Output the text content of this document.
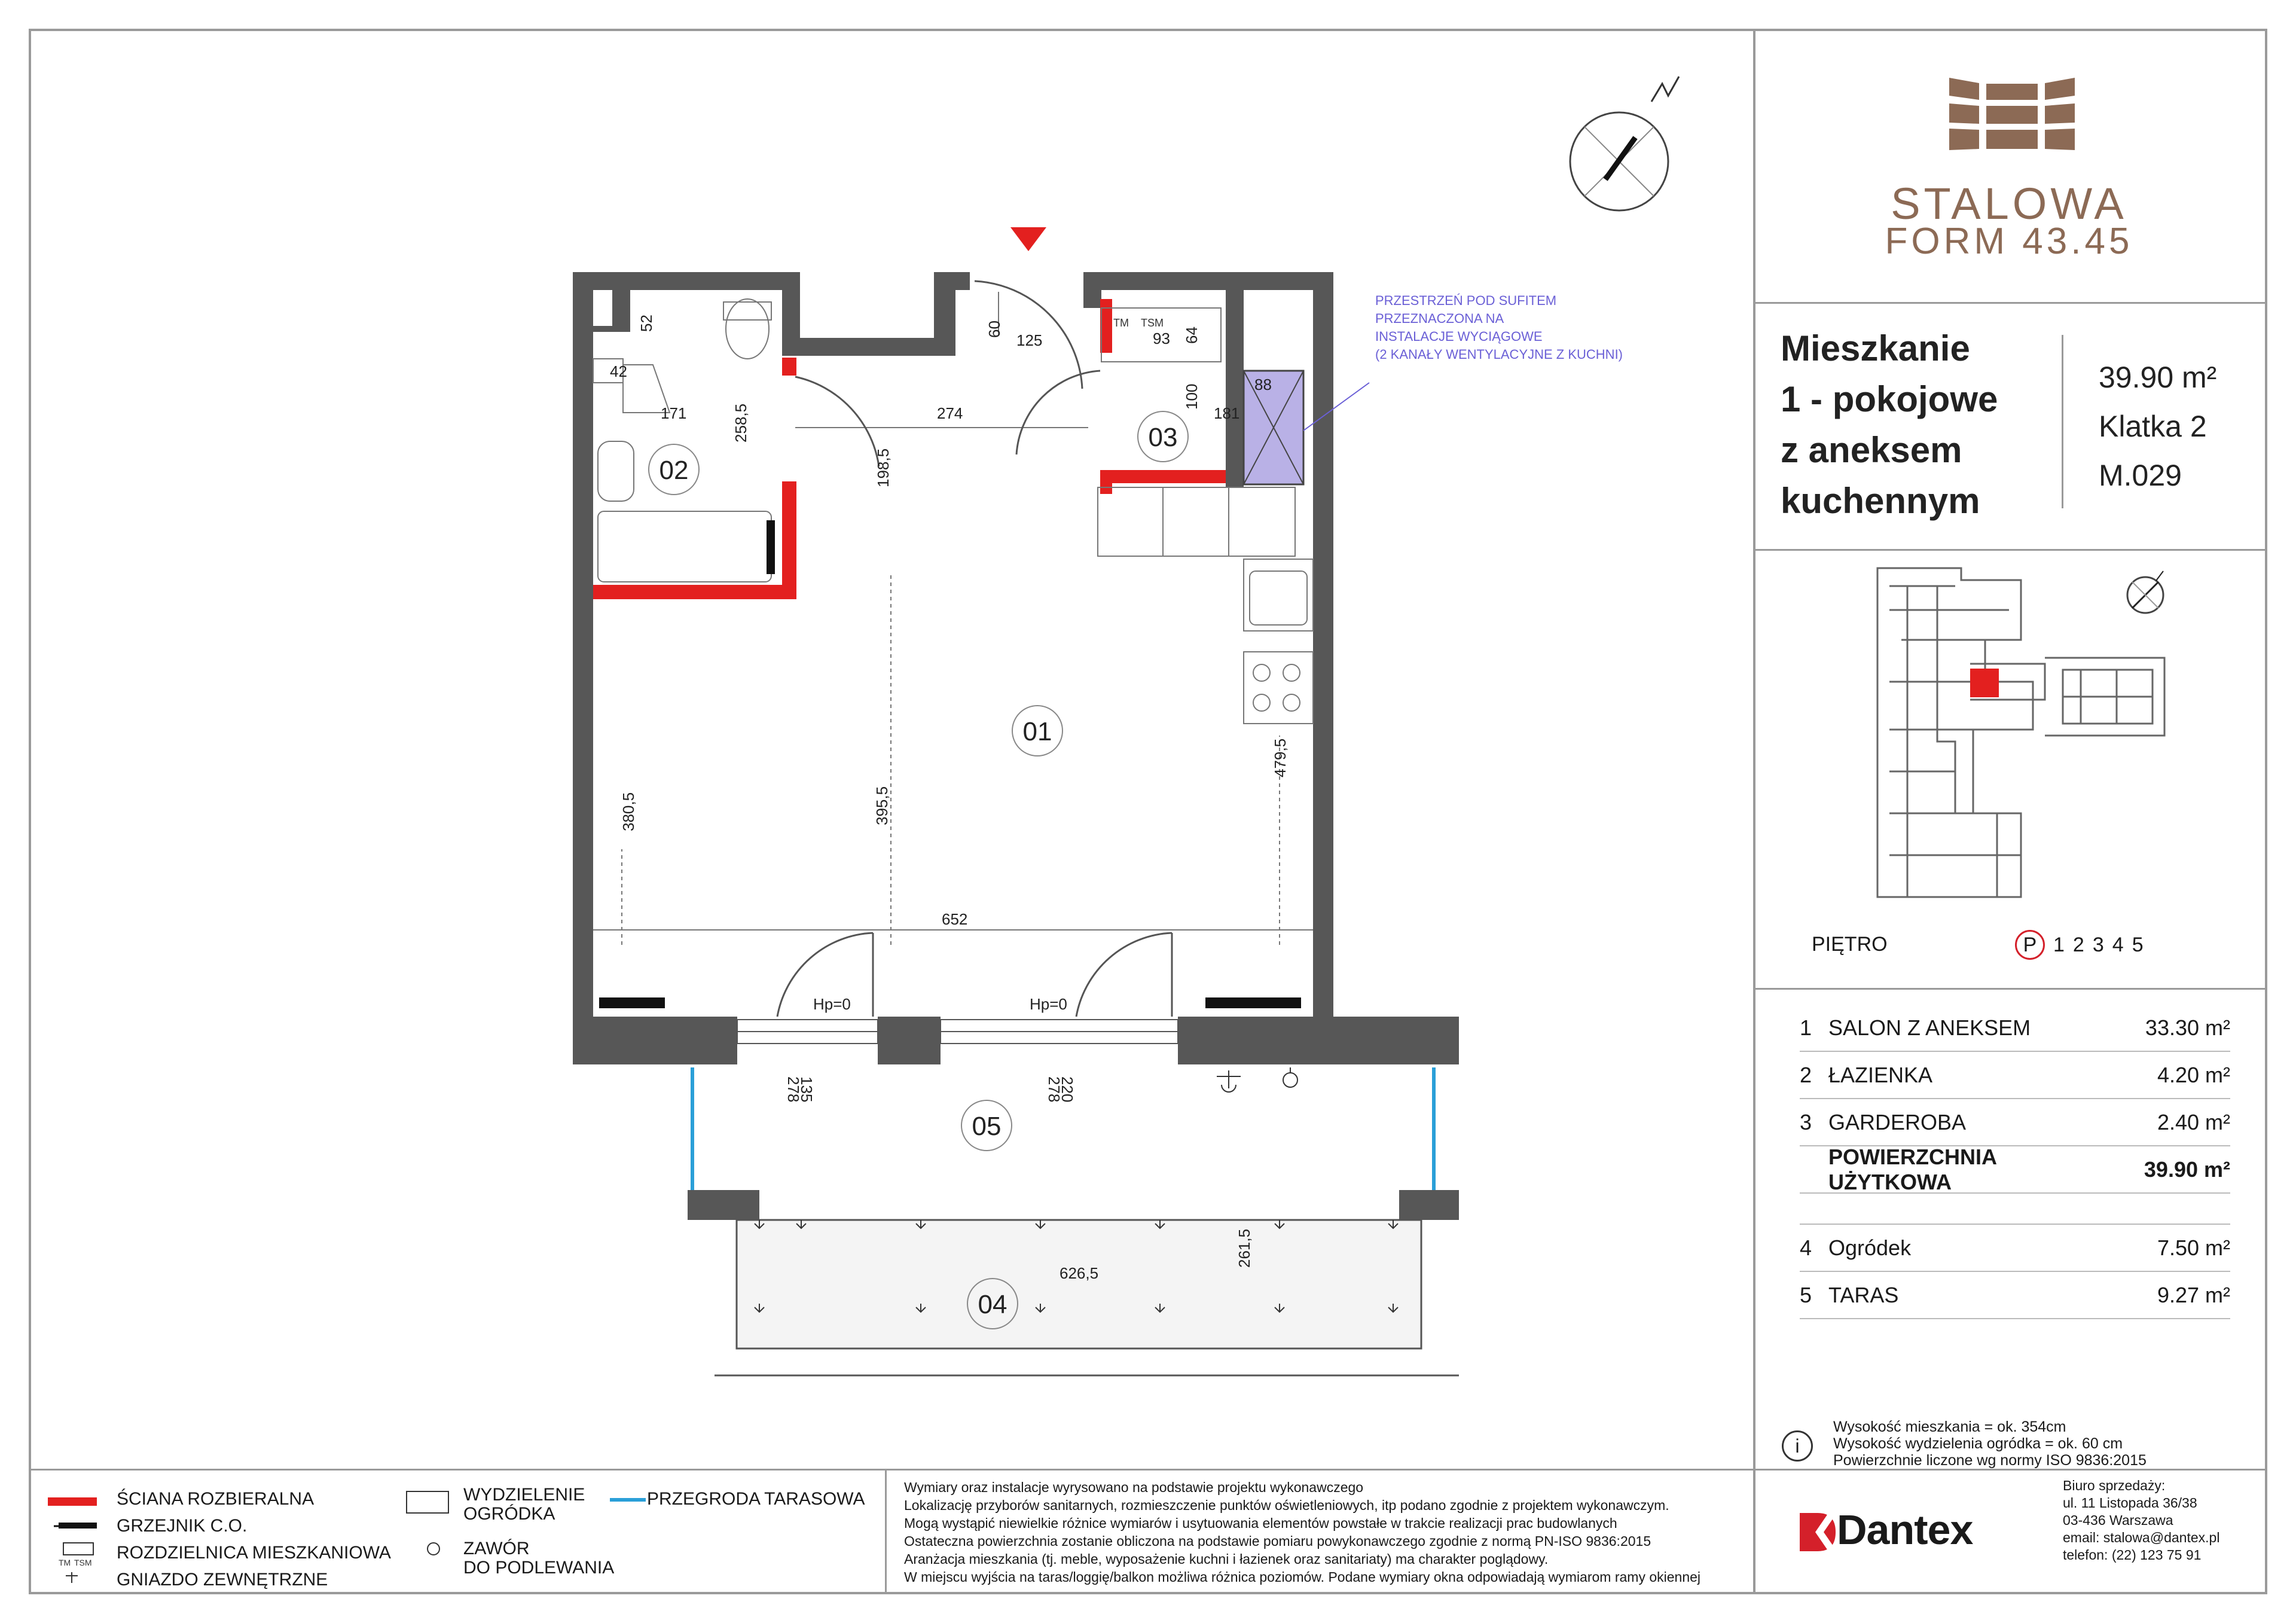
STALOWA
FORM 43.45
Mieszkanie
1 - pokojowe
z aneksem
kuchennym
39.90 m²
Klatka 2
M.029
PIĘTRO	P 1 2 3 4 5
1 SALON Z ANEKSEM	33.30 m²
2 ŁAZIENKA	4.20 m²
3 GARDEROBA	2.40 m²
POWIERZCHNIA UŻYTKOWA
39.90 m²
4 Ogródek	7.50 m²
5 TARAS	9.27 m²
i
Wysokość mieszkania = ok. 354cm
Wysokość wydzielenia ogródka = ok. 60 cm
Powierzchnie liczone wg normy ISO 9836:2015
PRZESTRZEŃ POD SUFITEM
PRZEZNACZONA NA
INSTALACJE WYCIĄGOWE
(2 KANAŁY WENTYLACYJNE Z KUCHNI)
01
02
03
04
05
52
42
171	258,5
60
125
274
198,5
93 64
100
181
88
380,5	395,5
479,5
652
Hp=0	Hp=0
135
278	220
278
261,5
626,5
TM TSM
TM TSM
ŚCIANA ROZBIERALNA
GRZEJNIK C.O.
ROZDZIELNICA MIESZKANIOWA
GNIAZDO ZEWNĘTRZNE
WYDZIELENIE
OGRÓDKA
ZAWÓR
DO PODLEWANIA
PRZEGRODA TARASOWA
Wymiary oraz instalacje wyrysowano na podstawie projektu wykonawczego
Lokalizację przyborów sanitarnych, rozmieszczenie punktów oświetleniowych, itp podano zgodnie z projektem wykonawczym.
Mogą wystąpić niewielkie różnice wymiarów i usytuowania elementów powstałe w trakcie realizacji prac budowlanych
Ostateczna powierzchnia zostanie obliczona na podstawie pomiaru powykonawczego zgodnie z normą PN-ISO 9836:2015
Aranżacja mieszkania (tj. meble, wyposażenie kuchni i łazienek oraz sanitariaty) ma charakter poglądowy.
W miejscu wyjścia na taras/loggię/balkon możliwa różnica poziomów. Podane wymiary okna odpowiadają wymiarom ramy okiennej
Dantex
Biuro sprzedaży:
ul. 11 Listopada 36/38
03-436 Warszawa
email: stalowa@dantex.pl
telefon: (22) 123 75 91
